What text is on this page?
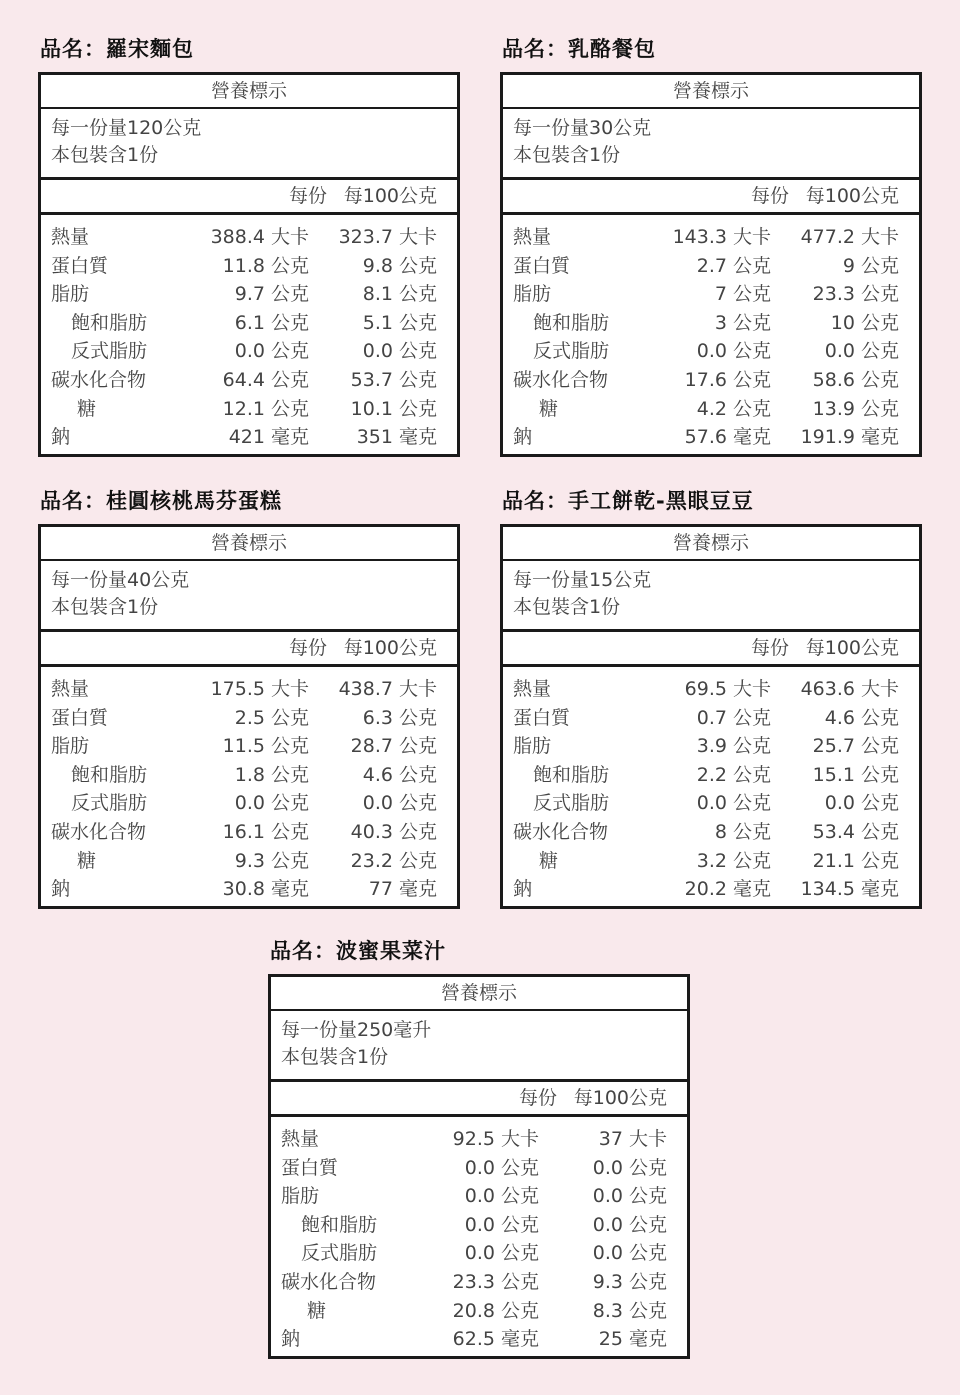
品名：羅宋麵包
營養標示
每一份量120公克
本包裝含1份
每份 每100公克
熱量	388.4 大卡	323.7 大卡
蛋白質	11.8 公克	9.8 公克
脂肪	9.7 公克	8.1 公克
飽和脂肪	6.1 公克	5.1 公克
反式脂肪	0.0 公克	0.0 公克
碳水化合物	64.4 公克	53.7 公克
糖	12.1 公克	10.1 公克
鈉	421 毫克	351 毫克
品名：乳酪餐包
營養標示
每一份量30公克
本包裝含1份
每份 每100公克
熱量	143.3 大卡	477.2 大卡
蛋白質	2.7 公克	9 公克
脂肪	7 公克	23.3 公克
飽和脂肪	3 公克	10 公克
反式脂肪	0.0 公克	0.0 公克
碳水化合物	17.6 公克	58.6 公克
糖	4.2 公克	13.9 公克
鈉	57.6 毫克	191.9 毫克
品名：桂圓核桃馬芬蛋糕
營養標示
每一份量40公克
本包裝含1份
每份 每100公克
熱量	175.5 大卡	438.7 大卡
蛋白質	2.5 公克	6.3 公克
脂肪	11.5 公克	28.7 公克
飽和脂肪	1.8 公克	4.6 公克
反式脂肪	0.0 公克	0.0 公克
碳水化合物	16.1 公克	40.3 公克
糖	9.3 公克	23.2 公克
鈉	30.8 毫克	77 毫克
品名：手工餅乾-黑眼豆豆
營養標示
每一份量15公克
本包裝含1份
每份 每100公克
熱量	69.5 大卡	463.6 大卡
蛋白質	0.7 公克	4.6 公克
脂肪	3.9 公克	25.7 公克
飽和脂肪	2.2 公克	15.1 公克
反式脂肪	0.0 公克	0.0 公克
碳水化合物	8 公克	53.4 公克
糖	3.2 公克	21.1 公克
鈉	20.2 毫克	134.5 毫克
品名：波蜜果菜汁
營養標示
每一份量250毫升
本包裝含1份
每份 每100公克
熱量	92.5 大卡	37 大卡
蛋白質	0.0 公克	0.0 公克
脂肪	0.0 公克	0.0 公克
飽和脂肪	0.0 公克	0.0 公克
反式脂肪	0.0 公克	0.0 公克
碳水化合物	23.3 公克	9.3 公克
糖	20.8 公克	8.3 公克
鈉	62.5 毫克	25 毫克
